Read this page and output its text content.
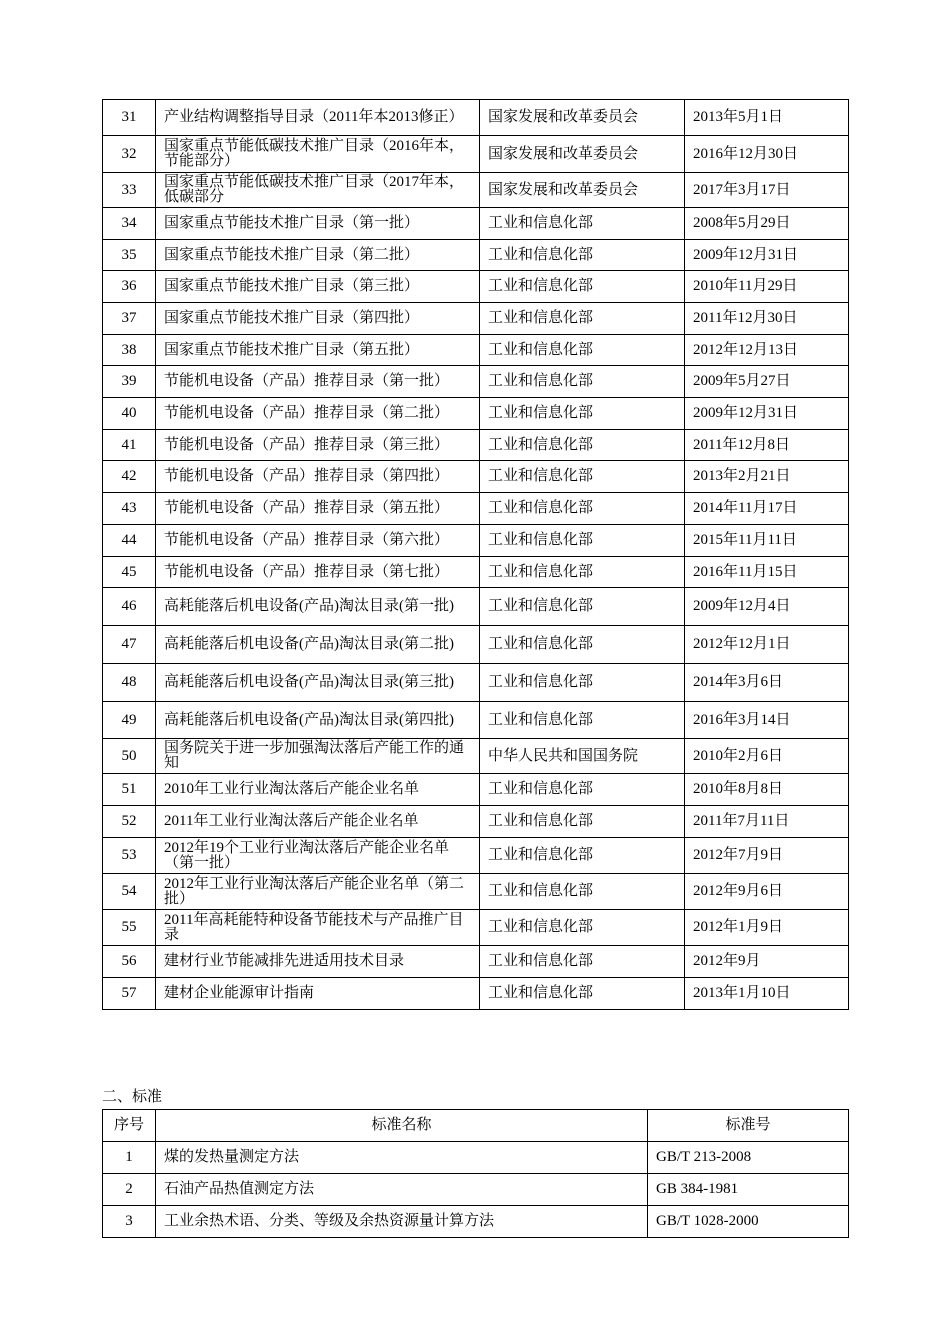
31	产业结构调整指导目录（2011年本2013修正）	国家发展和改革委员会	2013年5月1日
32	国家重点节能低碳技术推广目录（2016年本，节能部分）	国家发展和改革委员会	2016年12月30日
33	国家重点节能低碳技术推广目录（2017年本，低碳部分	国家发展和改革委员会	2017年3月17日
34	国家重点节能技术推广目录（第一批）	工业和信息化部	2008年5月29日
35	国家重点节能技术推广目录（第二批）	工业和信息化部	2009年12月31日
36	国家重点节能技术推广目录（第三批）	工业和信息化部	2010年11月29日
37	国家重点节能技术推广目录（第四批）	工业和信息化部	2011年12月30日
38	国家重点节能技术推广目录（第五批）	工业和信息化部	2012年12月13日
39	节能机电设备（产品）推荐目录（第一批）	工业和信息化部	2009年5月27日
40	节能机电设备（产品）推荐目录（第二批）	工业和信息化部	2009年12月31日
41	节能机电设备（产品）推荐目录（第三批）	工业和信息化部	2011年12月8日
42	节能机电设备（产品）推荐目录（第四批）	工业和信息化部	2013年2月21日
43	节能机电设备（产品）推荐目录（第五批）	工业和信息化部	2014年11月17日
44	节能机电设备（产品）推荐目录（第六批）	工业和信息化部	2015年11月11日
45	节能机电设备（产品）推荐目录（第七批）	工业和信息化部	2016年11月15日
46	高耗能落后机电设备(产品)淘汰目录(第一批)	工业和信息化部	2009年12月4日
47	高耗能落后机电设备(产品)淘汰目录(第二批)	工业和信息化部	2012年12月1日
48	高耗能落后机电设备(产品)淘汰目录(第三批)	工业和信息化部	2014年3月6日
49	高耗能落后机电设备(产品)淘汰目录(第四批)	工业和信息化部	2016年3月14日
50	国务院关于进一步加强淘汰落后产能工作的通知	中华人民共和国国务院	2010年2月6日
51	2010年工业行业淘汰落后产能企业名单	工业和信息化部	2010年8月8日
52	2011年工业行业淘汰落后产能企业名单	工业和信息化部	2011年7月11日
53	2012年19个工业行业淘汰落后产能企业名单（第一批）	工业和信息化部	2012年7月9日
54	2012年工业行业淘汰落后产能企业名单（第二批）	工业和信息化部	2012年9月6日
55	2011年高耗能特种设备节能技术与产品推广目录	工业和信息化部	2012年1月9日
56	建材行业节能减排先进适用技术目录	工业和信息化部	2012年9月
57	建材企业能源审计指南	工业和信息化部	2013年1月10日
二、标准
序号	标准名称	标准号
1	煤的发热量测定方法	GB/T 213-2008
2	石油产品热值测定方法	GB 384-1981
3	工业余热术语、分类、等级及余热资源量计算方法	GB/T 1028-2000
